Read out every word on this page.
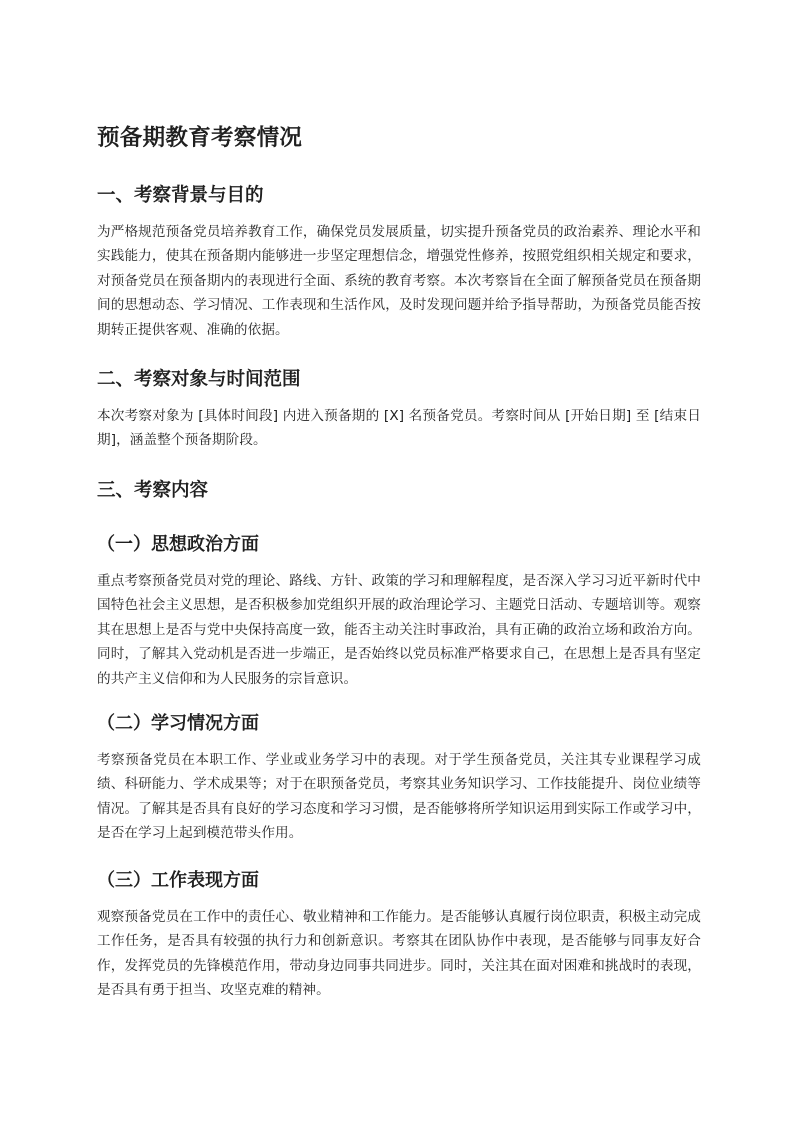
预备期教育考察情况
一、考察背景与目的

为严格规范预备党员培养教育工作，确保党员发展质量，切实提升预备党员的政治素养、理论水平和实践能力，使其在预备期内能够进一步坚定理想信念，增强党性修养，按照党组织相关规定和要求，对预备党员在预备期内的表现进行全面、系统的教育考察。本次考察旨在全面了解预备党员在预备期间的思想动态、学习情况、工作表现和生活作风，及时发现问题并给予指导帮助，为预备党员能否按期转正提供客观、准确的依据。

二、考察对象与时间范围

本次考察对象为 [具体时间段] 内进入预备期的 [X] 名预备党员。考察时间从 [开始日期] 至 [结束日期]，涵盖整个预备期阶段。

三、考察内容
（一）思想政治方面

重点考察预备党员对党的理论、路线、方针、政策的学习和理解程度，是否深入学习习近平新时代中国特色社会主义思想，是否积极参加党组织开展的政治理论学习、主题党日活动、专题培训等。观察其在思想上是否与党中央保持高度一致，能否主动关注时事政治，具有正确的政治立场和政治方向。同时，了解其入党动机是否进一步端正，是否始终以党员标准严格要求自己，在思想上是否具有坚定的共产主义信仰和为人民服务的宗旨意识。

（二）学习情况方面

考察预备党员在本职工作、学业或业务学习中的表现。对于学生预备党员，关注其专业课程学习成绩、科研能力、学术成果等；对于在职预备党员，考察其业务知识学习、工作技能提升、岗位业绩等情况。了解其是否具有良好的学习态度和学习习惯，是否能够将所学知识运用到实际工作或学习中，是否在学习上起到模范带头作用。

（三）工作表现方面

观察预备党员在工作中的责任心、敬业精神和工作能力。是否能够认真履行岗位职责，积极主动完成工作任务，是否具有较强的执行力和创新意识。考察其在团队协作中表现，是否能够与同事友好合作，发挥党员的先锋模范作用，带动身边同事共同进步。同时，关注其在面对困难和挑战时的表现，是否具有勇于担当、攻坚克难的精神。
